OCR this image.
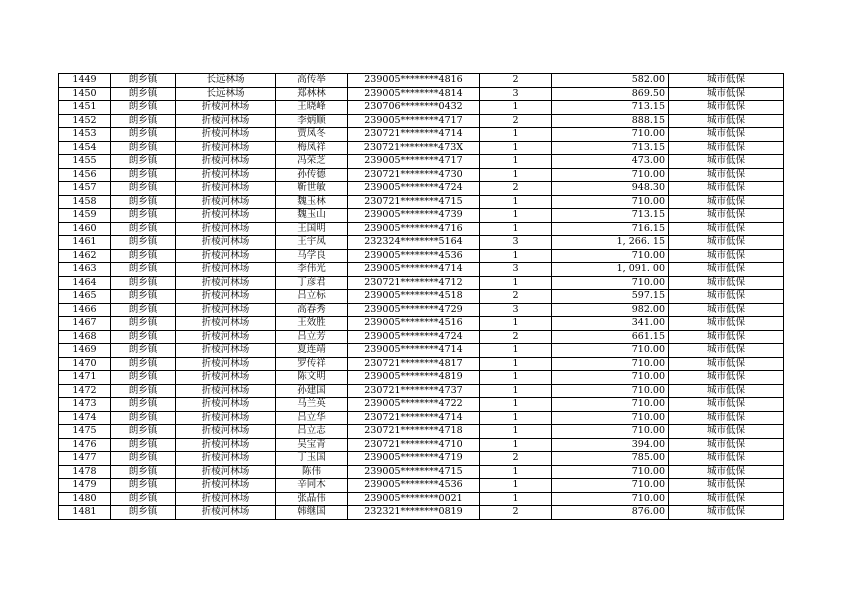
1449	朗乡镇	长远林场	高传举	239005********4816	2	582.00	城市低保
1450	朗乡镇	长远林场	郑林林	239005********4814	3	869.50	城市低保
1451	朗乡镇	折棱河林场	王晓峰	230706********0432	1	713.15	城市低保
1452	朗乡镇	折棱河林场	李炳顺	239005********4717	2	888.15	城市低保
1453	朗乡镇	折棱河林场	贾凤冬	230721********4714	1	710.00	城市低保
1454	朗乡镇	折棱河林场	梅凤祥	230721********473X	1	713.15	城市低保
1455	朗乡镇	折棱河林场	冯荣芝	239005********4717	1	473.00	城市低保
1456	朗乡镇	折棱河林场	孙传德	230721********4730	1	710.00	城市低保
1457	朗乡镇	折棱河林场	靳世敏	239005********4724	2	948.30	城市低保
1458	朗乡镇	折棱河林场	魏玉林	230721********4715	1	710.00	城市低保
1459	朗乡镇	折棱河林场	魏玉山	239005********4739	1	713.15	城市低保
1460	朗乡镇	折棱河林场	王国明	239005********4716	1	716.15	城市低保
1461	朗乡镇	折棱河林场	王宇凤	232324********5164	3	1, 266. 15	城市低保
1462	朗乡镇	折棱河林场	马学良	239005********4536	1	710.00	城市低保
1463	朗乡镇	折棱河林场	李伟光	239005********4714	3	1, 091. 00	城市低保
1464	朗乡镇	折棱河林场	丁彦君	230721********4712	1	710.00	城市低保
1465	朗乡镇	折棱河林场	吕立标	239005********4518	2	597.15	城市低保
1466	朗乡镇	折棱河林场	高春秀	239005********4729	3	982.00	城市低保
1467	朗乡镇	折棱河林场	王效胜	239005********4516	1	341.00	城市低保
1468	朗乡镇	折棱河林场	吕立芳	239005********4724	2	661.15	城市低保
1469	朗乡镇	折棱河林场	夏连靖	239005********4714	1	710.00	城市低保
1470	朗乡镇	折棱河林场	罗传祥	230721********4817	1	710.00	城市低保
1471	朗乡镇	折棱河林场	陈文明	239005********4819	1	710.00	城市低保
1472	朗乡镇	折棱河林场	孙建国	230721********4737	1	710.00	城市低保
1473	朗乡镇	折棱河林场	马兰英	239005********4722	1	710.00	城市低保
1474	朗乡镇	折棱河林场	吕立华	230721********4714	1	710.00	城市低保
1475	朗乡镇	折棱河林场	吕立志	230721********4718	1	710.00	城市低保
1476	朗乡镇	折棱河林场	吴宝青	230721********4710	1	394.00	城市低保
1477	朗乡镇	折棱河林场	丁玉国	239005********4719	2	785.00	城市低保
1478	朗乡镇	折棱河林场	陈伟	239005********4715	1	710.00	城市低保
1479	朗乡镇	折棱河林场	辛同木	239005********4536	1	710.00	城市低保
1480	朗乡镇	折棱河林场	张晶伟	239005********0021	1	710.00	城市低保
1481	朗乡镇	折棱河林场	韩继国	232321********0819	2	876.00	城市低保
